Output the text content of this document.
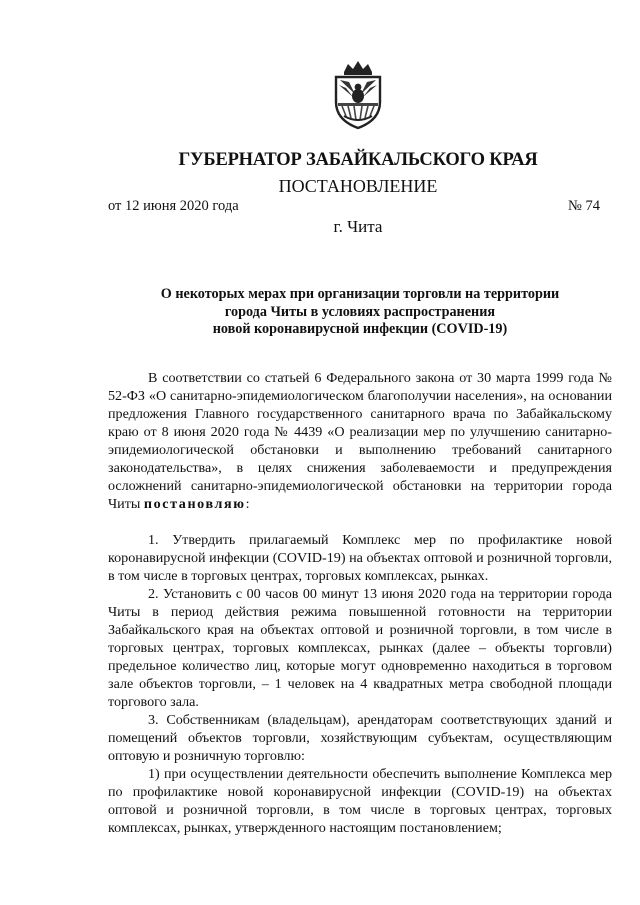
ГУБЕРНАТОР ЗАБАЙКАЛЬСКОГО КРАЯ
ПОСТАНОВЛЕНИЕ
от 12 июня 2020 года	№ 74
г. Чита
О некоторых мерах при организации торговли на территории
города Читы в условиях распространения
новой коронавирусной инфекции (COVID-19)

В соответствии со статьей 6 Федерального закона от 30 марта 1999 года № 52-ФЗ «О санитарно-эпидемиологическом благополучии населения», на основании предложения Главного государственного санитарного врача по Забайкальскому краю от 8 июня 2020 года № 4439 «О реализации мер по улучшению санитарно-эпидемиологической обстановки и выполнению требований санитарного законодательства», в целях снижения заболеваемости и предупреждения осложнений санитарно-эпидемиологической обстановки на территории города Читы постановляю:

1. Утвердить прилагаемый Комплекс мер по профилактике новой коронавирусной инфекции (COVID-19) на объектах оптовой и розничной торговли, в том числе в торговых центрах, торговых комплексах, рынках.

2. Установить с 00 часов 00 минут 13 июня 2020 года на территории города Читы в период действия режима повышенной готовности на территории Забайкальского края на объектах оптовой и розничной торговли, в том числе в торговых центрах, торговых комплексах, рынках (далее – объекты торговли) предельное количество лиц, которые могут одновременно находиться в торговом зале объектов торговли, – 1 человек на 4 квадратных метра свободной площади торгового зала.

3. Собственникам (владельцам), арендаторам соответствующих зданий и помещений объектов торговли, хозяйствующим субъектам, осуществляющим оптовую и розничную торговлю:

1) при осуществлении деятельности обеспечить выполнение Комплекса мер по профилактике новой коронавирусной инфекции (COVID-19) на объектах оптовой и розничной торговли, в том числе в торговых центрах, торговых комплексах, рынках, утвержденного настоящим постановлением;
